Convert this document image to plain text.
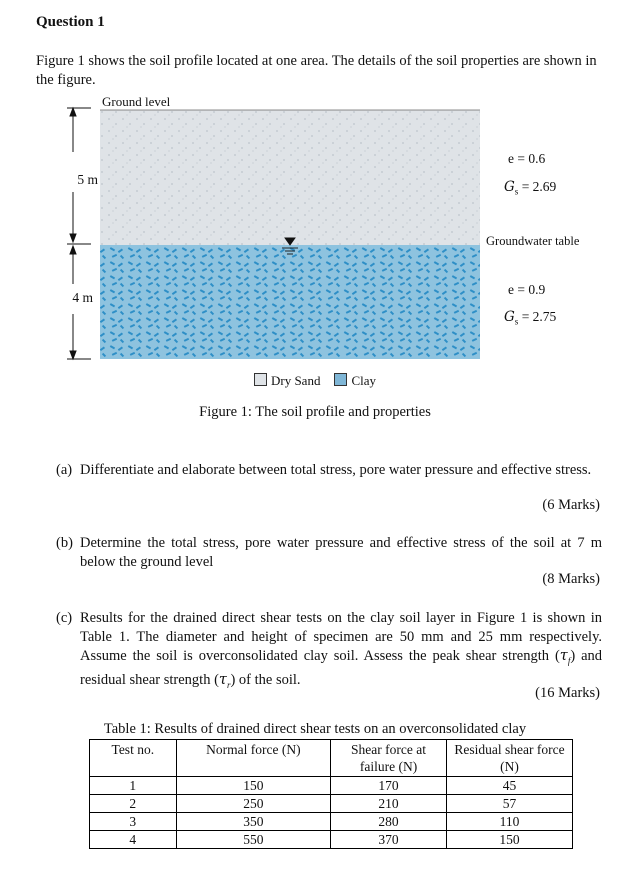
Question 1
Figure 1 shows the soil profile located at one area. The details of the soil properties are shown in the figure.
Ground level
5 m
4 m
e = 0.6
$G_s = 2.69$
Groundwater table
e = 0.9
$G_s = 2.75$
Dry Sand Clay
Figure 1: The soil profile and properties
(a) Differentiate and elaborate between total stress, pore water pressure and effective stress.
(6 Marks)
(b) Determine the total stress, pore water pressure and effective stress of the soil at 7 m below the ground level
(8 Marks)
(c) Results for the drained direct shear tests on the clay soil layer in Figure 1 is shown in Table 1. The diameter and height of specimen are 50 mm and 25 mm respectively. Assume the soil is overconsolidated clay soil. Assess the peak shear strength $(\tau_f)$ and residual shear strength $(\tau_r)$ of the soil.
(16 Marks)
Table 1: Results of drained direct shear tests on an overconsolidated clay
Test no.	Normal force (N)	Shear force at failure (N)	Residual shear force (N)
1	150	170	45
2	250	210	57
3	350	280	110
4	550	370	150
